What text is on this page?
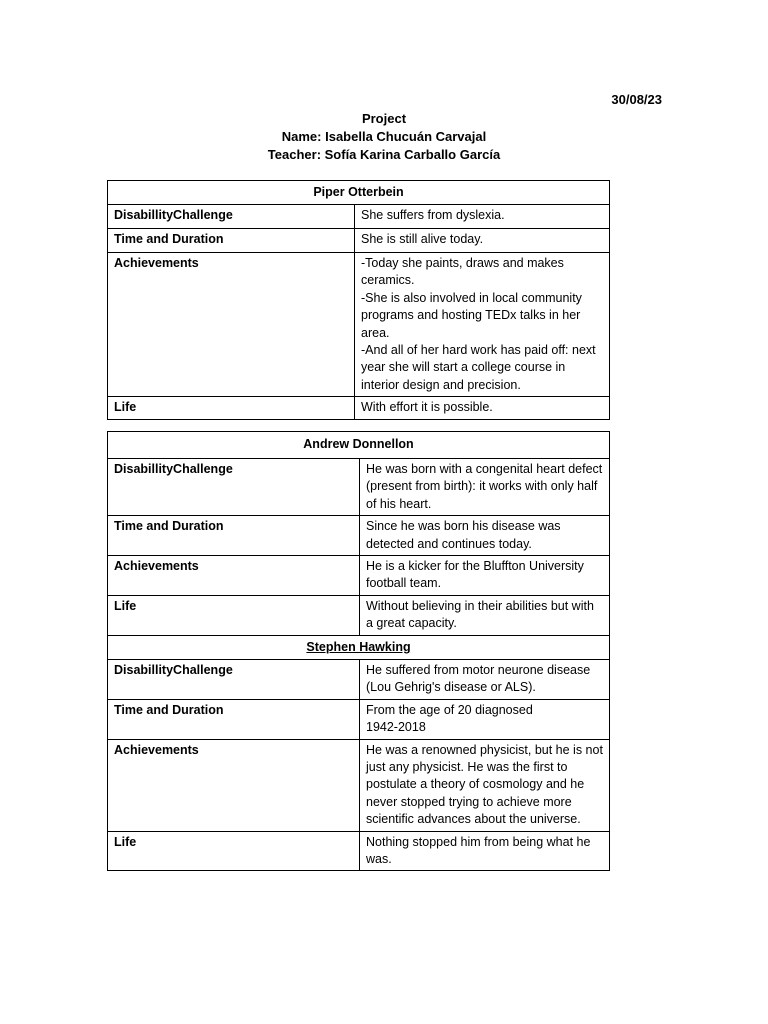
30/08/23
Project
Name: Isabella Chucuán Carvajal
Teacher: Sofía Karina Carballo García
Piper Otterbein	
DisabillityChallenge	She suffers from dyslexia.
Time and Duration	She is still alive today.
Achievements	-Today she paints, draws and makes ceramics.
-She is also involved in local community programs and hosting TEDx talks in her area.
-And all of her hard work has paid off: next year she will start a college course in interior design and precision.

Life	With effort it is possible.
Andrew Donnellon	
DisabillityChallenge	He was born with a congenital heart defect (present from birth): it works with only half of his heart.
Time and Duration	Since he was born his disease was detected and continues today.
Achievements	He is a kicker for the Bluffton University football team.
Life	Without believing in their abilities but with a great capacity.
Stephen Hawking	
DisabillityChallenge	He suffered from motor neurone disease (Lou Gehrig's disease or ALS).
Time and Duration	From the age of 20 diagnosed
1942-2018

Achievements	He was a renowned physicist, but he is not just any physicist. He was the first to postulate a theory of cosmology and he never stopped trying to achieve more scientific advances about the universe.
Life	Nothing stopped him from being what he was.
